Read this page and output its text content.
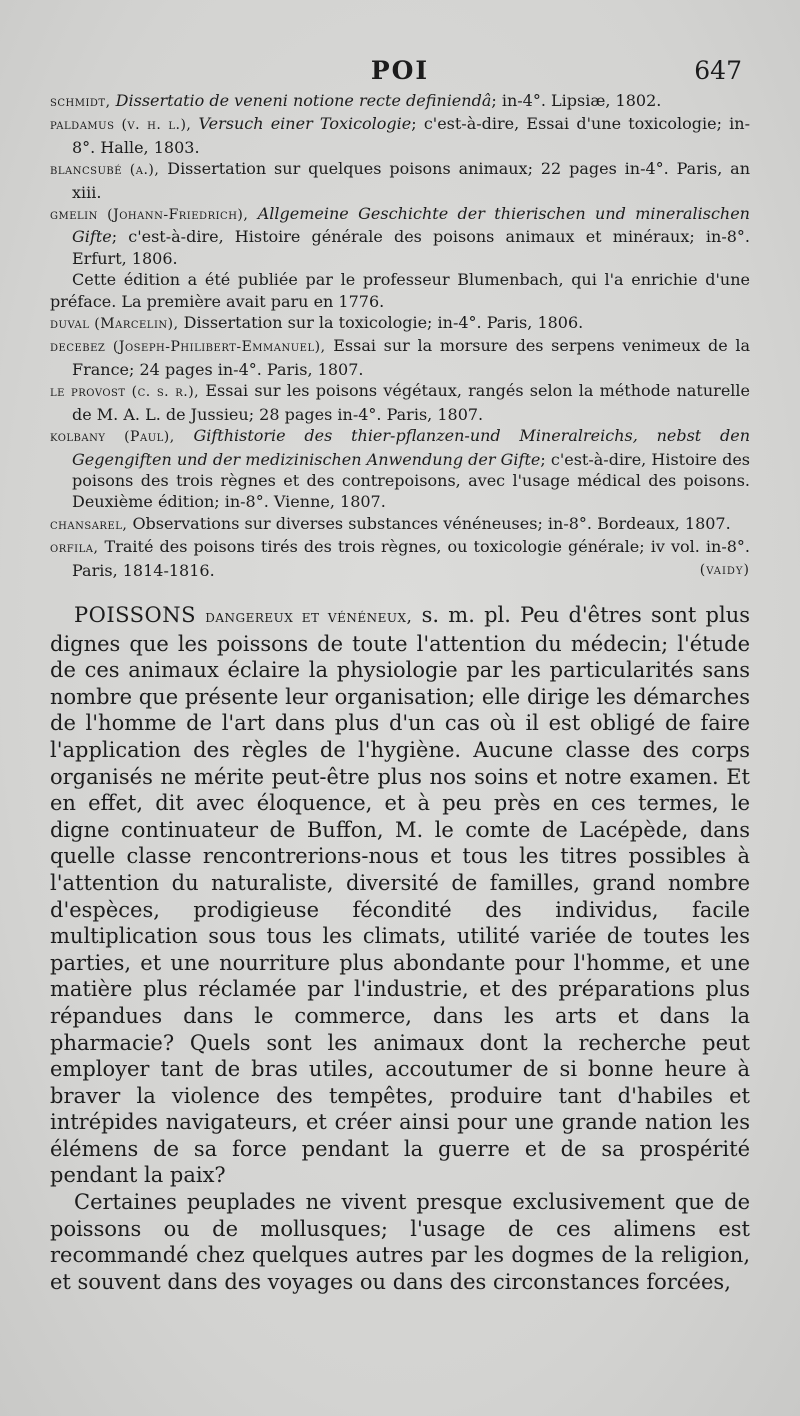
POI	647

schmidt, Dissertatio de veneni notione recte definiendâ; in-4°. Lipsiæ, 1802.

paldamus (v. h. l.), Versuch einer Toxicologie; c'est-à-dire, Essai d'une toxicologie; in-8°. Halle, 1803.

blancsubé (a.), Dissertation sur quelques poisons animaux; 22 pages in-4°. Paris, an xiii.

gmelin (Johann-Friedrich), Allgemeine Geschichte der thierischen und mineralischen Gifte; c'est-à-dire, Histoire générale des poisons animaux et minéraux; in-8°. Erfurt, 1806.

Cette édition a été publiée par le professeur Blumenbach, qui l'a enrichie d'une préface. La première avait paru en 1776.

duval (Marcelin), Dissertation sur la toxicologie; in-4°. Paris, 1806.

decebez (Joseph-Philibert-Emmanuel), Essai sur la morsure des serpens venimeux de la France; 24 pages in-4°. Paris, 1807.

le provost (c. s. r.), Essai sur les poisons végétaux, rangés selon la méthode naturelle de M. A. L. de Jussieu; 28 pages in-4°. Paris, 1807.

kolbany (Paul), Gifthistorie des thier-pflanzen-und Mineralreichs, nebst den Gegengiften und der medizinischen Anwendung der Gifte; c'est-à-dire, Histoire des poisons des trois règnes et des contrepoisons, avec l'usage médical des poisons. Deuxième édition; in-8°. Vienne, 1807.

chansarel, Observations sur diverses substances vénéneuses; in-8°. Bordeaux, 1807.

orfila, Traité des poisons tirés des trois règnes, ou toxicologie générale; iv vol. in-8°. Paris, 1814-1816.	(vaidy)

POISSONS dangereux et vénéneux, s. m. pl. Peu d'êtres sont plus dignes que les poissons de toute l'attention du médecin; l'étude de ces animaux éclaire la physiologie par les particularités sans nombre que présente leur organisation; elle dirige les démarches de l'homme de l'art dans plus d'un cas où il est obligé de faire l'application des règles de l'hygiène. Aucune classe des corps organisés ne mérite peut-être plus nos soins et notre examen. Et en effet, dit avec éloquence, et à peu près en ces termes, le digne continuateur de Buffon, M. le comte de Lacépède, dans quelle classe rencontrerions-nous et tous les titres possibles à l'attention du naturaliste, diversité de familles, grand nombre d'espèces, prodigieuse fécondité des individus, facile multiplication sous tous les climats, utilité variée de toutes les parties, et une nourriture plus abondante pour l'homme, et une matière plus réclamée par l'industrie, et des préparations plus répandues dans le commerce, dans les arts et dans la pharmacie? Quels sont les animaux dont la recherche peut employer tant de bras utiles, accoutumer de si bonne heure à braver la violence des tempêtes, produire tant d'habiles et intrépides navigateurs, et créer ainsi pour une grande nation les élémens de sa force pendant la guerre et de sa prospérité pendant la paix?

Certaines peuplades ne vivent presque exclusivement que de poissons ou de mollusques; l'usage de ces alimens est recommandé chez quelques autres par les dogmes de la religion, et souvent dans des voyages ou dans des circonstances forcées,
